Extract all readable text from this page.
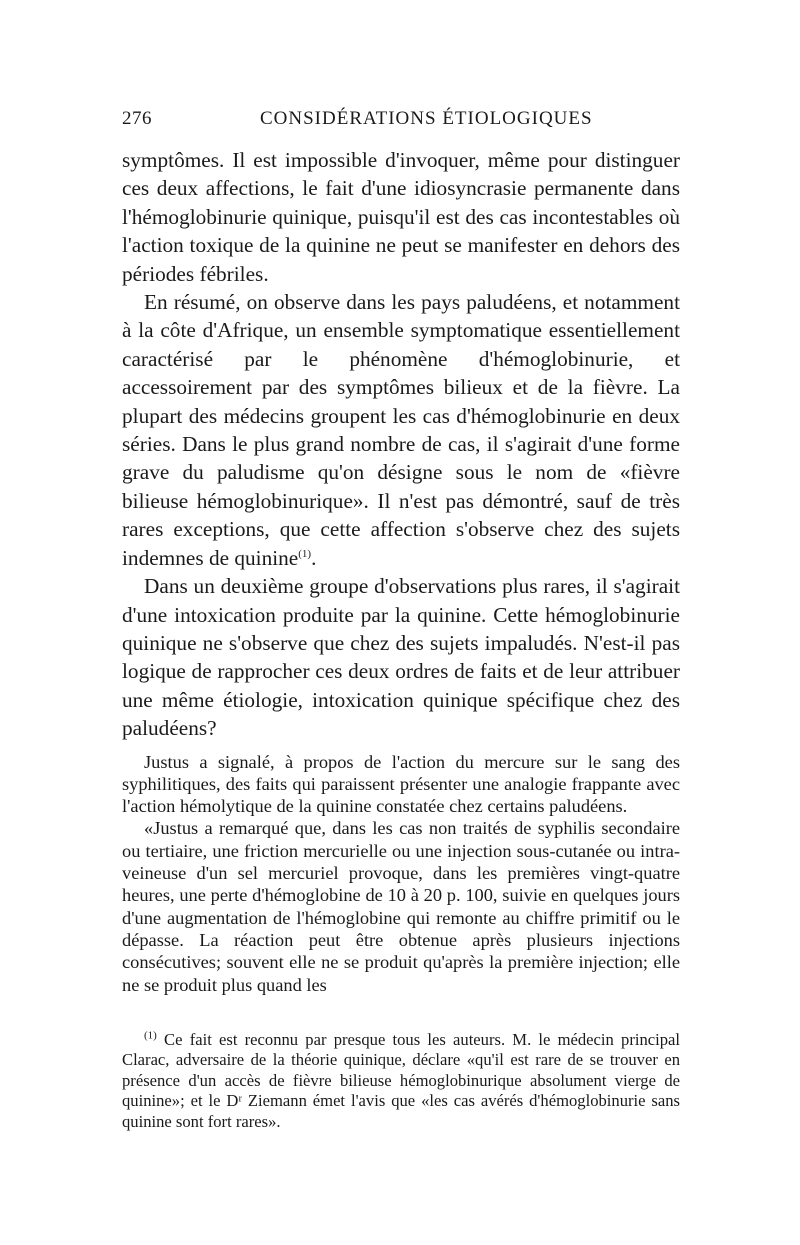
276	CONSIDÉRATIONS ÉTIOLOGIQUES

symptômes. Il est impossible d'invoquer, même pour distinguer ces deux affections, le fait d'une idiosyncrasie permanente dans l'hémoglobinurie quinique, puisqu'il est des cas incontestables où l'action toxique de la quinine ne peut se manifester en dehors des périodes fébriles.

En résumé, on observe dans les pays paludéens, et notamment à la côte d'Afrique, un ensemble symptomatique essentiellement caractérisé par le phénomène d'hémoglobinurie, et accessoirement par des symptômes bilieux et de la fièvre. La plupart des médecins groupent les cas d'hémoglobinurie en deux séries. Dans le plus grand nombre de cas, il s'agirait d'une forme grave du paludisme qu'on désigne sous le nom de «fièvre bilieuse hémoglobinurique». Il n'est pas démontré, sauf de très rares exceptions, que cette affection s'observe chez des sujets indemnes de quinine$^{(1)}$.

Dans un deuxième groupe d'observations plus rares, il s'agirait d'une intoxication produite par la quinine. Cette hémoglobinurie quinique ne s'observe que chez des sujets impaludés. N'est-il pas logique de rapprocher ces deux ordres de faits et de leur attribuer une même étiologie, intoxication quinique spécifique chez des paludéens?

Justus a signalé, à propos de l'action du mercure sur le sang des syphilitiques, des faits qui paraissent présenter une analogie frappante avec l'action hémolytique de la quinine constatée chez certains paludéens.

«Justus a remarqué que, dans les cas non traités de syphilis secondaire ou tertiaire, une friction mercurielle ou une injection sous-cutanée ou intra-veineuse d'un sel mercuriel provoque, dans les premières vingt-quatre heures, une perte d'hémoglobine de 10 à 20 p. 100, suivie en quelques jours d'une augmentation de l'hémoglobine qui remonte au chiffre primitif ou le dépasse. La réaction peut être obtenue après plusieurs injections consécutives; souvent elle ne se produit qu'après la première injection; elle ne se produit plus quand les

$^{(1)}$ Ce fait est reconnu par presque tous les auteurs. M. le médecin principal Clarac, adversaire de la théorie quinique, déclare «qu'il est rare de se trouver en présence d'un accès de fièvre bilieuse hémoglobinurique absolument vierge de quinine»; et le Dʳ Ziemann émet l'avis que «les cas avérés d'hémoglobinurie sans quinine sont fort rares».
